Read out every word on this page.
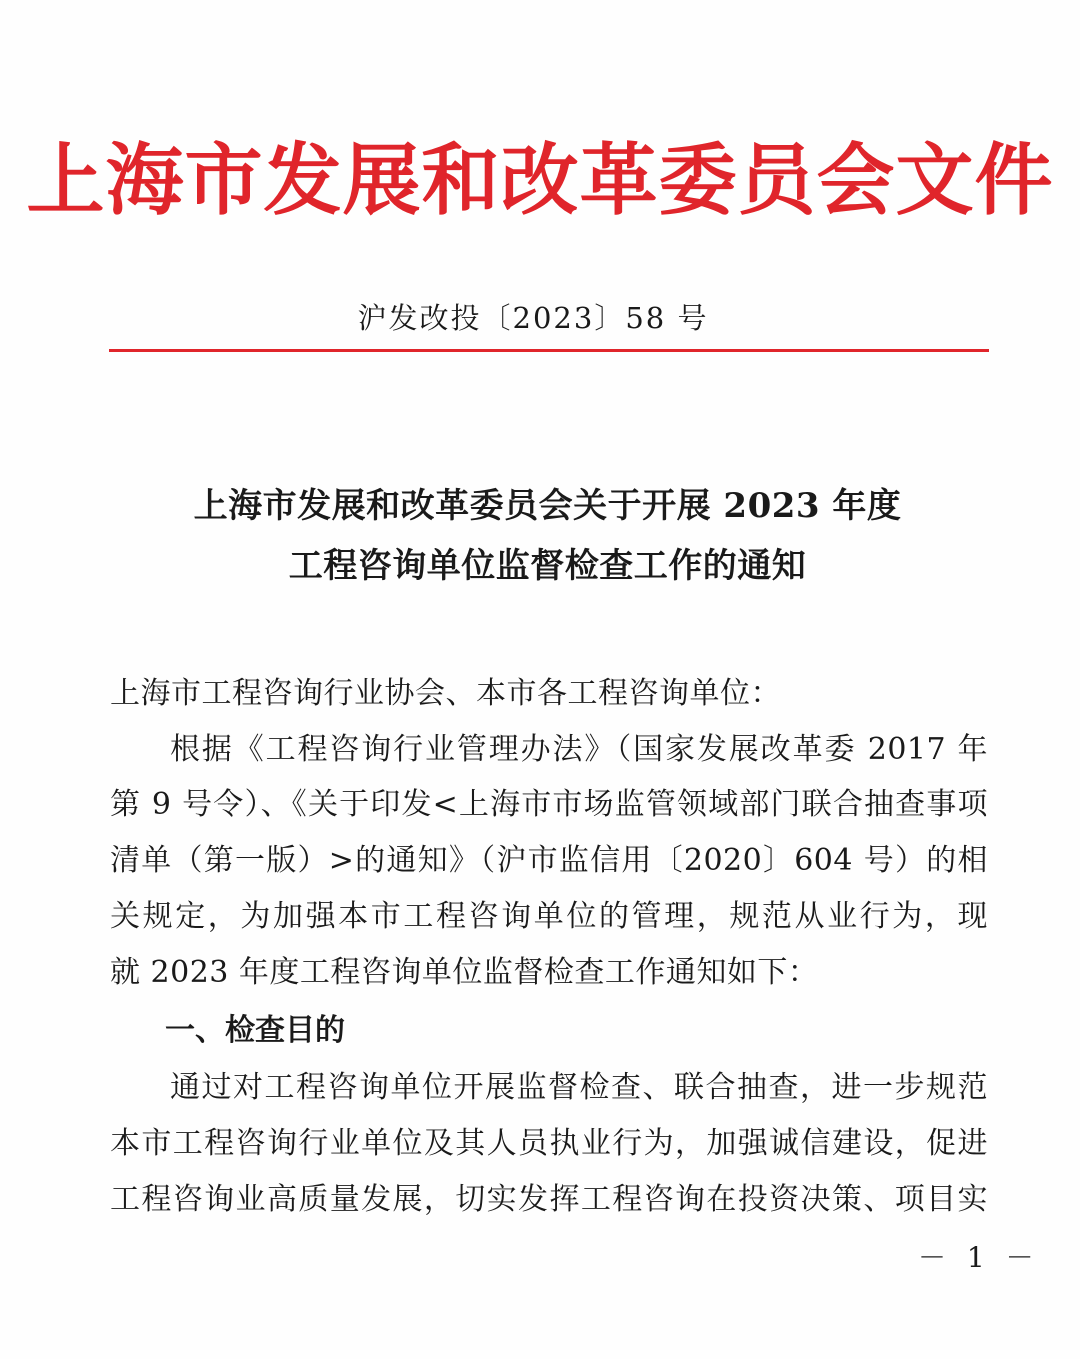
上海市发展和改革委员会文件
沪发改投〔2023〕58 号
上海市发展和改革委员会关于开展 2023 年度
工程咨询单位监督检查工作的通知
上海市工程咨询行业协会、本市各工程咨询单位：
根据《工程咨询行业管理办法》（国家发展改革委 2017 年
第 9 号令）、《关于印发<上海市市场监管领域部门联合抽查事项
清单（第一版）>的通知》（沪市监信用〔2020〕604 号）的相
关规定，为加强本市工程咨询单位的管理，规范从业行为，现
就 2023 年度工程咨询单位监督检查工作通知如下：
一、检查目的
通过对工程咨询单位开展监督检查、联合抽查，进一步规范
本市工程咨询行业单位及其人员执业行为，加强诚信建设，促进
工程咨询业高质量发展，切实发挥工程咨询在投资决策、项目实
－ 1 －
